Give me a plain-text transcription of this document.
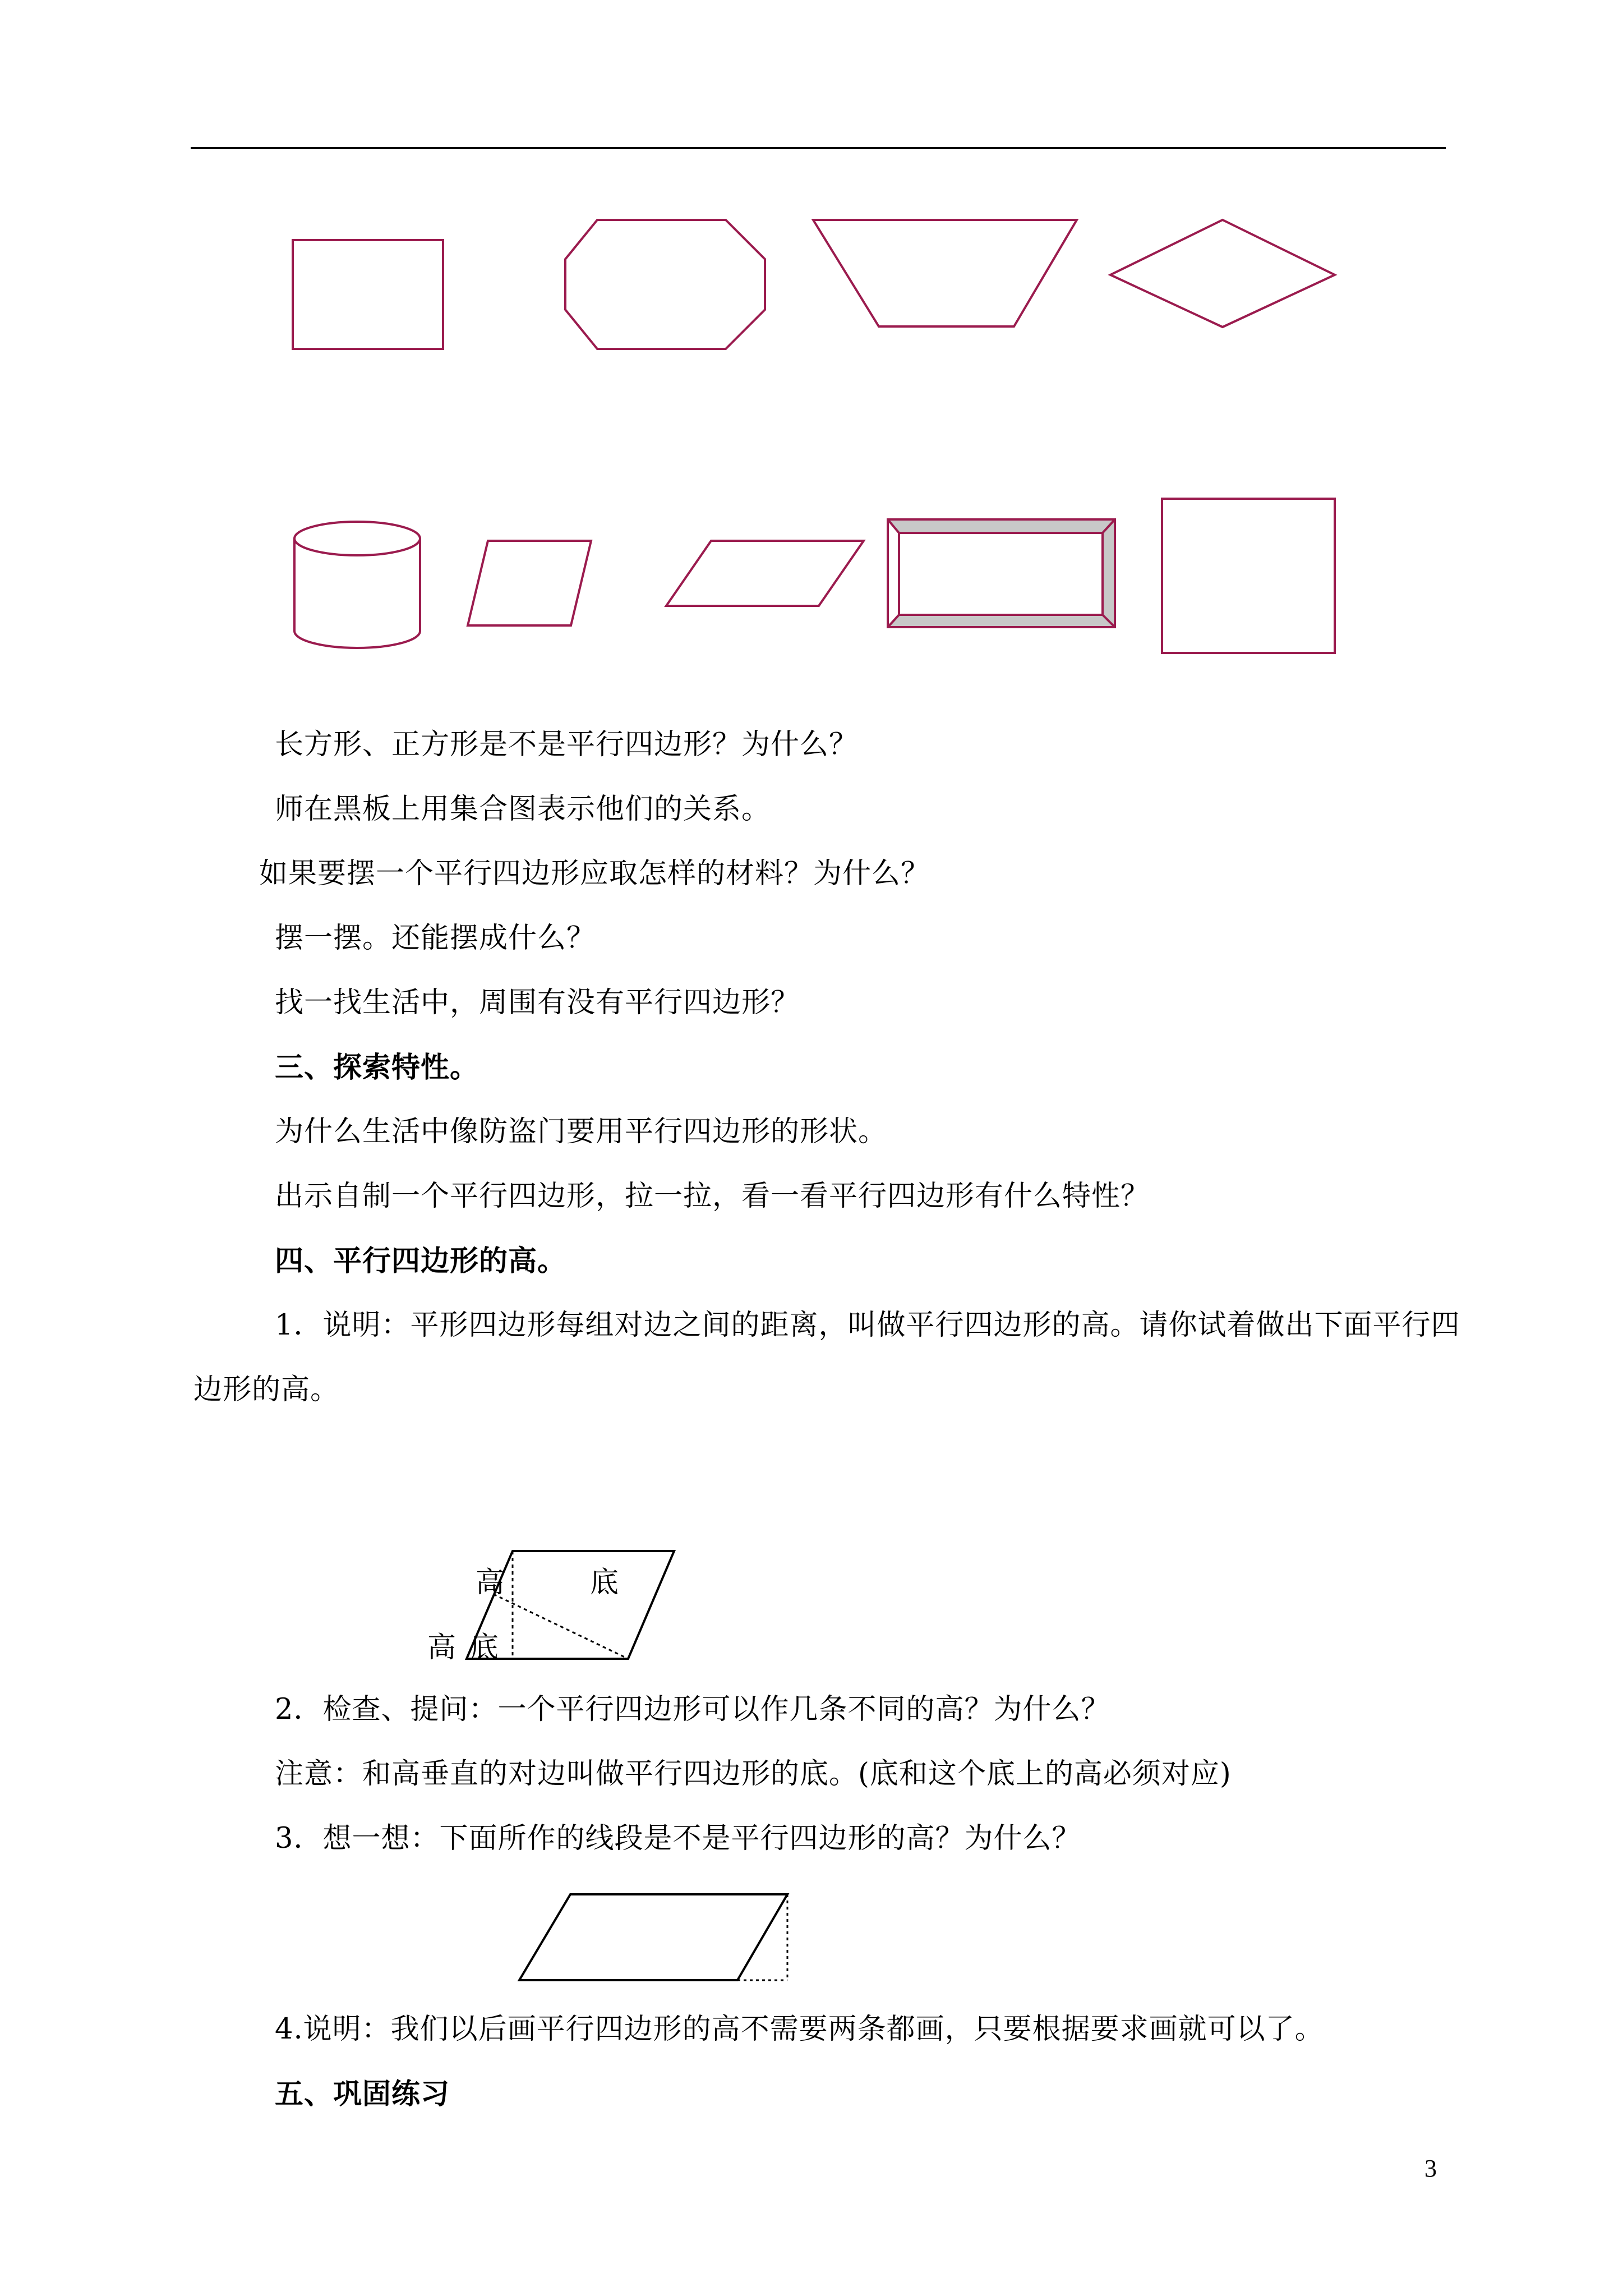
高	底
高 底
长方形、正方形是不是平行四边形？为什么？
师在黑板上用集合图表示他们的关系。
如果要摆一个平行四边形应取怎样的材料？为什么？
摆一摆。还能摆成什么？
找一找生活中，周围有没有平行四边形？
三、探索特性。
为什么生活中像防盗门要用平行四边形的形状。
出示自制一个平行四边形，拉一拉，看一看平行四边形有什么特性？
四、平行四边形的高。
1．说明：平形四边形每组对边之间的距离，叫做平行四边形的高。请你试着做出下面平行四
边形的高。
2．检查、提问：一个平行四边形可以作几条不同的高？为什么？
注意：和高垂直的对边叫做平行四边形的底。(底和这个底上的高必须对应)
3．想一想：下面所作的线段是不是平行四边形的高？为什么？
4.说明：我们以后画平行四边形的高不需要两条都画，只要根据要求画就可以了。
五、巩固练习
3
